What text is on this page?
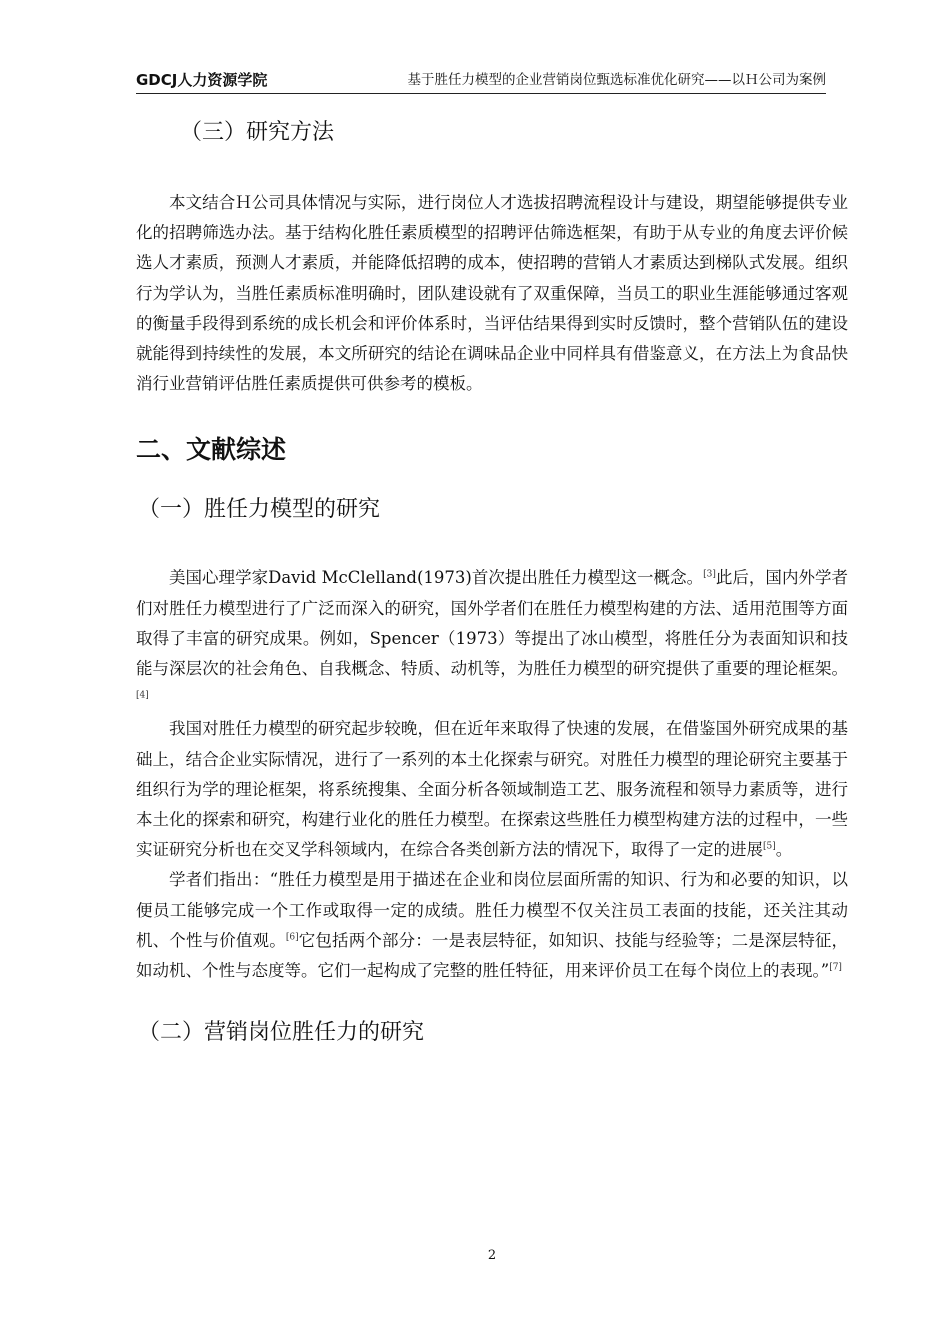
GDCJ人力资源学院	基于胜任力模型的企业营销岗位甄选标准优化研究——以Ｈ公司为案例
（三）研究方法

本文结合Ｈ公司具体情况与实际，进行岗位人才选拔招聘流程设计与建设，期望能够提供专业化的招聘筛选办法。基于结构化胜任素质模型的招聘评估筛选框架，有助于从专业的角度去评价候选人才素质，预测人才素质，并能降低招聘的成本，使招聘的营销人才素质达到梯队式发展。组织行为学认为，当胜任素质标准明确时，团队建设就有了双重保障，当员工的职业生涯能够通过客观的衡量手段得到系统的成长机会和评价体系时，当评估结果得到实时反馈时，整个营销队伍的建设就能得到持续性的发展，本文所研究的结论在调味品企业中同样具有借鉴意义，在方法上为食品快消行业营销评估胜任素质提供可供参考的模板。

二、文献综述
（一）胜任力模型的研究

美国心理学家David McClelland(1973)首次提出胜任力模型这一概念。[3]此后，国内外学者们对胜任力模型进行了广泛而深入的研究，国外学者们在胜任力模型构建的方法、适用范围等方面取得了丰富的研究成果。例如，Spencer（1973）等提出了冰山模型，将胜任分为表面知识和技能与深层次的社会角色、自我概念、特质、动机等，为胜任力模型的研究提供了重要的理论框架。[4]

我国对胜任力模型的研究起步较晚，但在近年来取得了快速的发展，在借鉴国外研究成果的基础上，结合企业实际情况，进行了一系列的本土化探索与研究。对胜任力模型的理论研究主要基于组织行为学的理论框架，将系统搜集、全面分析各领域制造工艺、服务流程和领导力素质等，进行本土化的探索和研究，构建行业化的胜任力模型。在探索这些胜任力模型构建方法的过程中，一些实证研究分析也在交叉学科领域内，在综合各类创新方法的情况下，取得了一定的进展[5]。

学者们指出：“胜任力模型是用于描述在企业和岗位层面所需的知识、行为和必要的知识，以便员工能够完成一个工作或取得一定的成绩。胜任力模型不仅关注员工表面的技能，还关注其动机、个性与价值观。[6]它包括两个部分：一是表层特征，如知识、技能与经验等；二是深层特征，如动机、个性与态度等。它们一起构成了完整的胜任特征，用来评价员工在每个岗位上的表现。”[7]

（二）营销岗位胜任力的研究
2
